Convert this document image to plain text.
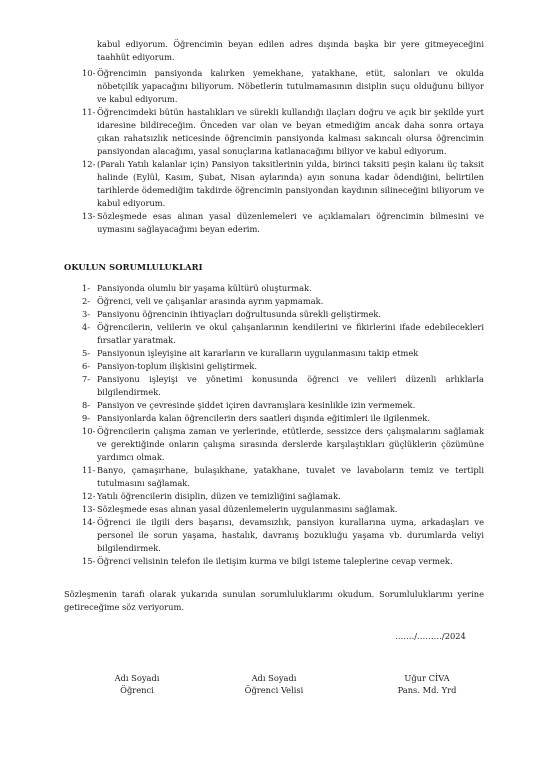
kabul ediyorum. Öğrencimin beyan edilen adres dışında başka bir yere gitmeyeceğini taahhüt ediyorum.

10- Öğrencimin pansiyonda kalırken yemekhane, yatakhane, etüt, salonları ve okulda nöbetçilik yapacağını biliyorum. Nöbetlerin tutulmamasının disiplin suçu olduğunu biliyor ve kabul ediyorum.
11- Öğrencimdeki bütün hastalıkları ve sürekli kullandığı ilaçları doğru ve açık bir şekilde yurt idaresine bildireceğim. Önceden var olan ve beyan etmediğim ancak daha sonra ortaya çıkan rahatsızlık neticesinde öğrencimin pansiyonda kalması sakıncalı olursa öğrencimin pansiyondan alacağımı, yasal sonuçlarına katlanacağımı biliyor ve kabul ediyorum.
12- (Paralı Yatılı kalanlar için) Pansiyon taksitlerinin yılda, birinci taksiti peşin kalanı üç taksit halinde (Eylül, Kasım, Şubat, Nisan aylarında) ayın sonuna kadar ödendiğini, belirtilen tarihlerde ödemediğim takdirde öğrencimin pansiyondan kaydının silineceğini biliyorum ve kabul ediyorum.
13- Sözleşmede esas alınan yasal düzenlemeleri ve açıklamaları öğrencimin bilmesini ve uymasını sağlayacağımı beyan ederim.

OKULUN SORUMLULUKLARI

1- Pansiyonda olumlu bir yaşama kültürü oluşturmak.
2- Öğrenci, veli ve çalışanlar arasında ayrım yapmamak.
3- Pansiyonu öğrencinin ihtiyaçları doğrultusunda sürekli geliştirmek.
4- Öğrencilerin, velilerin ve okul çalışanlarının kendilerini ve fikirlerini ifade edebilecekleri fırsatlar yaratmak.
5- Pansiyonun işleyişine ait kararların ve kuralların uygulanmasını takip etmek
6- Pansiyon-toplum ilişkisini geliştirmek.
7- Pansiyonu işleyişi ve yönetimi konusunda öğrenci ve velileri düzenli arlıklarla bilgilendirmek.
8- Pansiyon ve çevresinde şiddet içiren davranışlara kesinlikle izin vermemek.
9- Pansiyonlarda kalan öğrencilerin ders saatleri dışında eğitimleri ile ilgilenmek.
10- Öğrencilerin çalışma zaman ve yerlerinde, etütlerde, sessizce ders çalışmalarını sağlamak ve gerektiğinde onların çalışma sırasında derslerde karşılaştıkları güçlüklerin çözümüne yardımcı olmak.
11- Banyo, çamaşırhane, bulaşıkhane, yatakhane, tuvalet ve lavaboların temiz ve tertipli tutulmasını sağlamak.
12- Yatılı öğrencilerin disiplin, düzen ve temizliğini sağlamak.
13- Sözleşmede esas alınan yasal düzenlemelerin uygulanmasını sağlamak.
14- Öğrenci ile ilgili ders başarısı, devamsızlık, pansiyon kurallarına uyma, arkadaşları ve personel ile sorun yaşama, hastalık, davranış bozukluğu yaşama vb. durumlarda veliyi bilgilendirmek.
15- Öğrenci velisinin telefon ile iletişim kurma ve bilgi isteme taleplerine cevap vermek.

Sözleşmenin tarafı olarak yukarıda sunulan sorumluluklarımı okudum. Sorumluluklarımı yerine getireceğime söz veriyorum.

……./………/2024

Adı Soyadı
Öğrenci
Adı Soyadı
Öğrenci Velisi
Uğur CİVA
Pans. Md. Yrd
